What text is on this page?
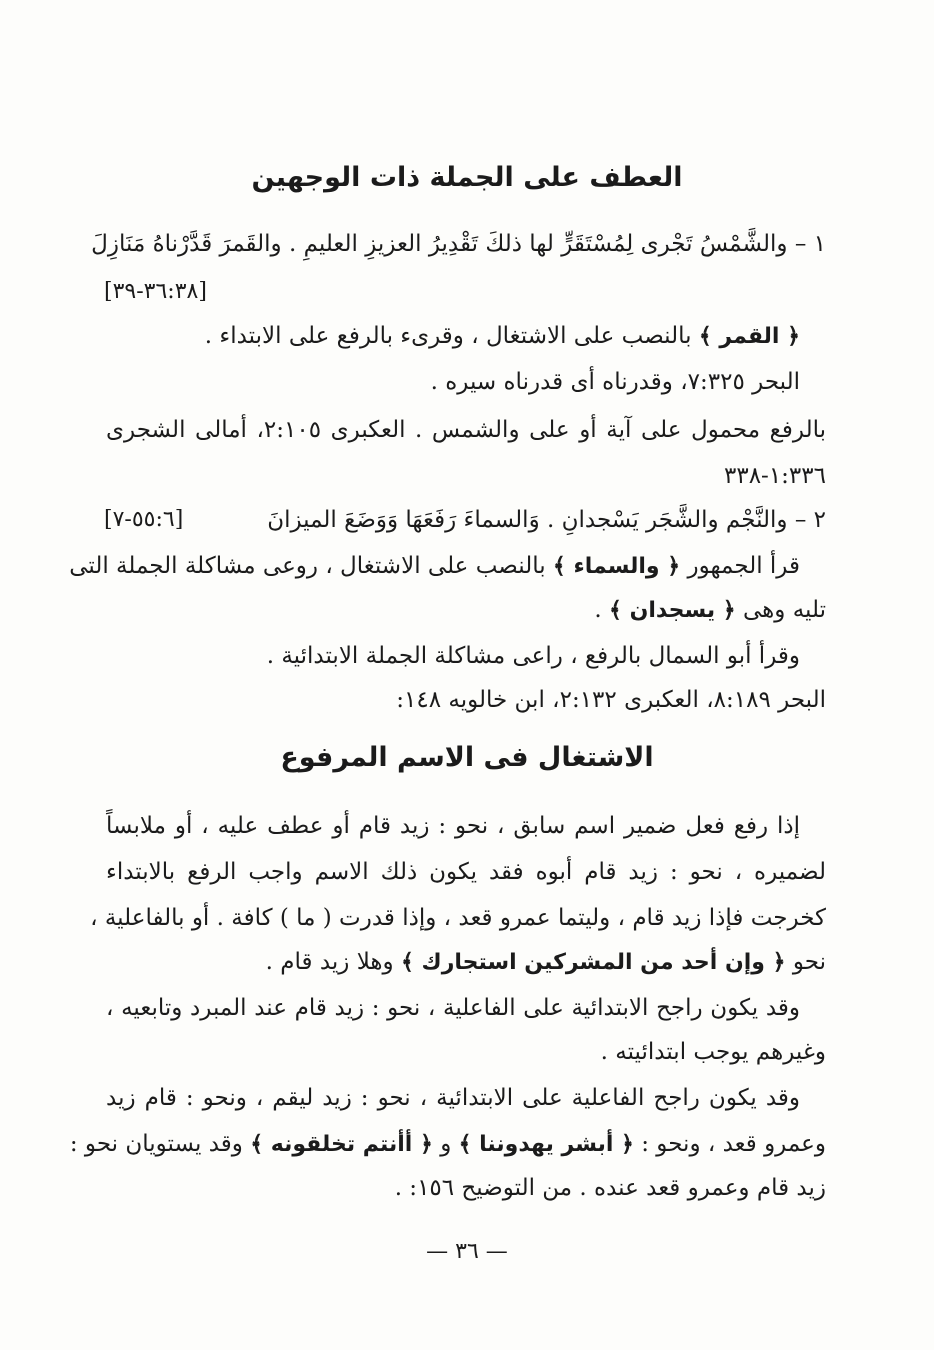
العطف على الجملة ذات الوجهين
١ – والشَّمْسُ تَجْرى لِمُسْتَقَرٍّ لها ذلكَ تَقْدِيرُ العزيزِ العليمِ . والقَمرَ قَدَّرْناهُ مَنَازِلَ
[٣٦:٣٨-٣٩]
﴿ القمر ﴾ بالنصب على الاشتغال ، وقرىء بالرفع على الابتداء .
البحر ٧:٣٢٥، وقدرناه أى قدرناه سيره .
بالرفع محمول على آية أو على والشمس . العكبرى ٢:١٠٥، أمالى الشجرى
١:٣٣٦-٣٣٨
٢ – والنَّجْم والشَّجَر يَسْجدانِ . وَالسماءَ رَفَعَهَا وَوَضَعَ الميزانَ
[٥٥:٦-٧]
قرأ الجمهور ﴿ والسماء ﴾ بالنصب على الاشتغال ، روعى مشاكلة الجملة التى
تليه وهى ﴿ يسجدان ﴾ .
وقرأ أبو السمال بالرفع ، راعى مشاكلة الجملة الابتدائية .
البحر ٨:١٨٩، العكبرى ٢:١٣٢، ابن خالويه ١٤٨:
الاشتغال فى الاسم المرفوع
إذا رفع فعل ضمير اسم سابق ، نحو : زيد قام أو عطف عليه ، أو ملابساً
لضميره ، نحو : زيد قام أبوه فقد يكون ذلك الاسم واجب الرفع بالابتداء
كخرجت فإذا زيد قام ، وليتما عمرو قعد ، وإذا قدرت ( ما ) كافة . أو بالفاعلية ،
نحو ﴿ وإن أحد من المشركين استجارك ﴾ وهلا زيد قام .
وقد يكون راجح الابتدائية على الفاعلية ، نحو : زيد قام عند المبرد وتابعيه ،
وغيرهم يوجب ابتدائيته .
وقد يكون راجح الفاعلية على الابتدائية ، نحو : زيد ليقم ، ونحو : قام زيد
وعمرو قعد ، ونحو : ﴿ أبشر يهدوننا ﴾ و ﴿ أأنتم تخلقونه ﴾ وقد يستويان نحو :
زيد قام وعمرو قعد عنده . من التوضيح ١٥٦: .
— ٣٦ —
